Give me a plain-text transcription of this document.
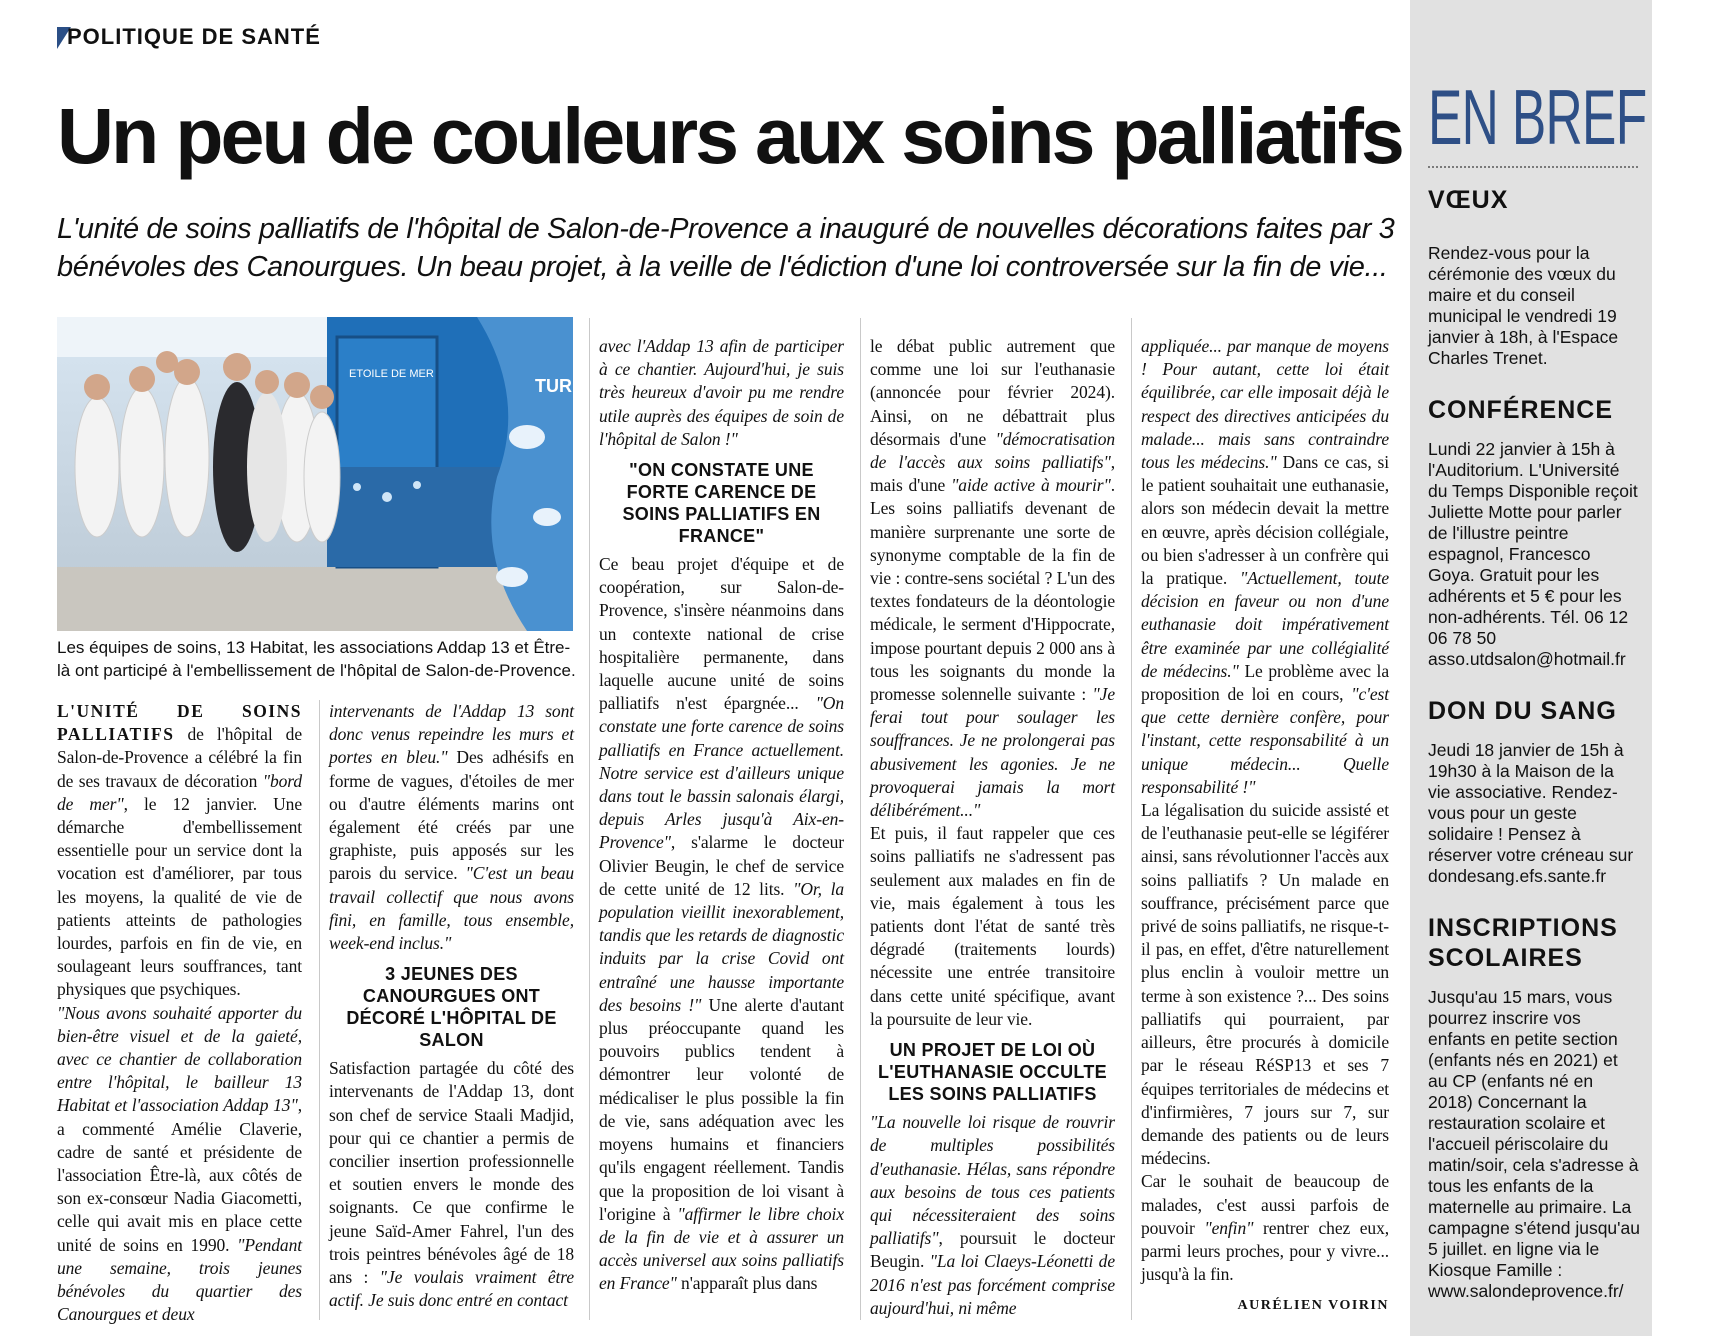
POLITIQUE DE SANTÉ
Un peu de couleurs aux soins palliatifs
L'unité de soins palliatifs de l'hôpital de Salon-de-Provence a inauguré de nouvelles décorations faites par 3 bénévoles des Canourgues. Un beau projet, à la veille de l'édiction d'une loi controversée sur la fin de vie...
ETOILE DE MER
TUR
Les équipes de soins, 13 Habitat, les associations Addap 13 et Être-là ont participé à l'embellissement de l'hôpital de Salon-de-Provence.

L'UNITÉ DE SOINS PALLIATIFS de l'hôpital de Salon-de-Provence a célébré la fin de ses travaux de décoration "bord de mer", le 12 janvier. Une démarche d'embellissement essentielle pour un service dont la vocation est d'améliorer, par tous les moyens, la qualité de vie de patients atteints de pathologies lourdes, parfois en fin de vie, en soulageant leurs souffrances, tant physiques que psychiques.

"Nous avons souhaité apporter du bien-être visuel et de la gaieté, avec ce chantier de collaboration entre l'hôpital, le bailleur 13 Habitat et l'association Addap 13", a commenté Amélie Claverie, cadre de santé et présidente de l'association Être-là, aux côtés de son ex-consœur Nadia Giacometti, celle qui avait mis en place cette unité de soins en 1990. "Pendant une semaine, trois jeunes bénévoles du quartier des Canourgues et deux

intervenants de l'Addap 13 sont donc venus repeindre les murs et portes en bleu." Des adhésifs en forme de vagues, d'étoiles de mer ou d'autre éléments marins ont également été créés par une graphiste, puis apposés sur les parois du service. "C'est un beau travail collectif que nous avons fini, en famille, tous ensemble, week-end inclus."

3 JEUNES DES CANOURGUES ONT DÉCORÉ L'HÔPITAL DE SALON

Satisfaction partagée du côté des intervenants de l'Addap 13, dont son chef de service Staali Madjid, pour qui ce chantier a permis de concilier insertion professionnelle et soutien envers le monde des soignants. Ce que confirme le jeune Saïd-Amer Fahrel, l'un des trois peintres bénévoles âgé de 18 ans : "Je voulais vraiment être actif. Je suis donc entré en contact

avec l'Addap 13 afin de participer à ce chantier. Aujourd'hui, je suis très heureux d'avoir pu me rendre utile auprès des équipes de soin de l'hôpital de Salon !"

"ON CONSTATE UNE FORTE CARENCE DE SOINS PALLIATIFS EN FRANCE"

Ce beau projet d'équipe et de coopération, sur Salon-de-Provence, s'insère néanmoins dans un contexte national de crise hospitalière permanente, dans laquelle aucune unité de soins palliatifs n'est épargnée... "On constate une forte carence de soins palliatifs en France actuellement. Notre service est d'ailleurs unique dans tout le bassin salonais élargi, depuis Arles jusqu'à Aix-en-Provence", s'alarme le docteur Olivier Beugin, le chef de service de cette unité de 12 lits. "Or, la population vieillit inexorablement, tandis que les retards de diagnostic induits par la crise Covid ont entraîné une hausse importante des besoins !" Une alerte d'autant plus préoccupante quand les pouvoirs publics tendent à démontrer leur volonté de médicaliser le plus possible la fin de vie, sans adéquation avec les moyens humains et financiers qu'ils engagent réellement. Tandis que la proposition de loi visant à l'origine à "affirmer le libre choix de la fin de vie et à assurer un accès universel aux soins palliatifs en France" n'apparaît plus dans

le débat public autrement que comme une loi sur l'euthanasie (annoncée pour février 2024). Ainsi, on ne débattrait plus désormais d'une "démocratisation de l'accès aux soins palliatifs", mais d'une "aide active à mourir". Les soins palliatifs devenant de manière surprenante une sorte de synonyme comptable de la fin de vie : contre-sens sociétal ? L'un des textes fondateurs de la déontologie médicale, le serment d'Hippocrate, impose pourtant depuis 2 000 ans à tous les soignants du monde la promesse solennelle suivante : "Je ferai tout pour soulager les souffrances. Je ne prolongerai pas abusivement les agonies. Je ne provoquerai jamais la mort délibérément..."

Et puis, il faut rappeler que ces soins palliatifs ne s'adressent pas seulement aux malades en fin de vie, mais également à tous les patients dont l'état de santé très dégradé (traitements lourds) nécessite une entrée transitoire dans cette unité spécifique, avant la poursuite de leur vie.

UN PROJET DE LOI OÙ L'EUTHANASIE OCCULTE LES SOINS PALLIATIFS

"La nouvelle loi risque de rouvrir de multiples possibilités d'euthanasie. Hélas, sans répondre aux besoins de tous ces patients qui nécessiteraient des soins palliatifs", poursuit le docteur Beugin. "La loi Claeys-Léonetti de 2016 n'est pas forcément comprise aujourd'hui, ni même

appliquée... par manque de moyens ! Pour autant, cette loi était équilibrée, car elle imposait déjà le respect des directives anticipées du malade... mais sans contraindre tous les médecins." Dans ce cas, si le patient souhaitait une euthanasie, alors son médecin devait la mettre en œuvre, après décision collégiale, ou bien s'adresser à un confrère qui la pratique. "Actuellement, toute décision en faveur ou non d'une euthanasie doit impérativement être examinée par une collégialité de médecins." Le problème avec la proposition de loi en cours, "c'est que cette dernière confère, pour l'instant, cette responsabilité à un unique médecin... Quelle responsabilité !"

La légalisation du suicide assisté et de l'euthanasie peut-elle se légiférer ainsi, sans révolutionner l'accès aux soins palliatifs ? Un malade en souffrance, précisément parce que privé de soins palliatifs, ne risque-t-il pas, en effet, d'être naturellement plus enclin à vouloir mettre un terme à son existence ?... Des soins palliatifs qui pourraient, par ailleurs, être procurés à domicile par le réseau RéSP13 et ses 7 équipes territoriales de médecins et d'infirmières, 7 jours sur 7, sur demande des patients ou de leurs médecins.

Car le souhait de beaucoup de malades, c'est aussi parfois de pouvoir "enfin" rentrer chez eux, parmi leurs proches, pour y vivre... jusqu'à la fin.

AURÉLIEN VOIRIN
EN BREF
VŒUX

Rendez-vous pour la cérémonie des vœux du maire et du conseil municipal le vendredi 19 janvier à 18h, à l'Espace Charles Trenet.

CONFÉRENCE

Lundi 22 janvier à 15h à l'Auditorium. L'Université du Temps Disponible reçoit Juliette Motte pour parler de l'illustre peintre espagnol, Francesco Goya. Gratuit pour les adhérents et 5 € pour les non-adhérents. Tél. 06 12 06 78 50 asso.utdsalon@hotmail.fr

DON DU SANG

Jeudi 18 janvier de 15h à 19h30 à la Maison de la vie associative. Rendez-vous pour un geste solidaire ! Pensez à réserver votre créneau sur dondesang.efs.sante.fr

INSCRIPTIONS SCOLAIRES

Jusqu'au 15 mars, vous pourrez inscrire vos enfants en petite section (enfants nés en 2021) et au CP (enfants né en 2018) Concernant la restauration scolaire et l'accueil périscolaire du matin/soir, cela s'adresse à tous les enfants de la maternelle au primaire. La campagne s'étend jusqu'au 5 juillet. en ligne via le Kiosque Famille : www.salondeprovence.fr/
